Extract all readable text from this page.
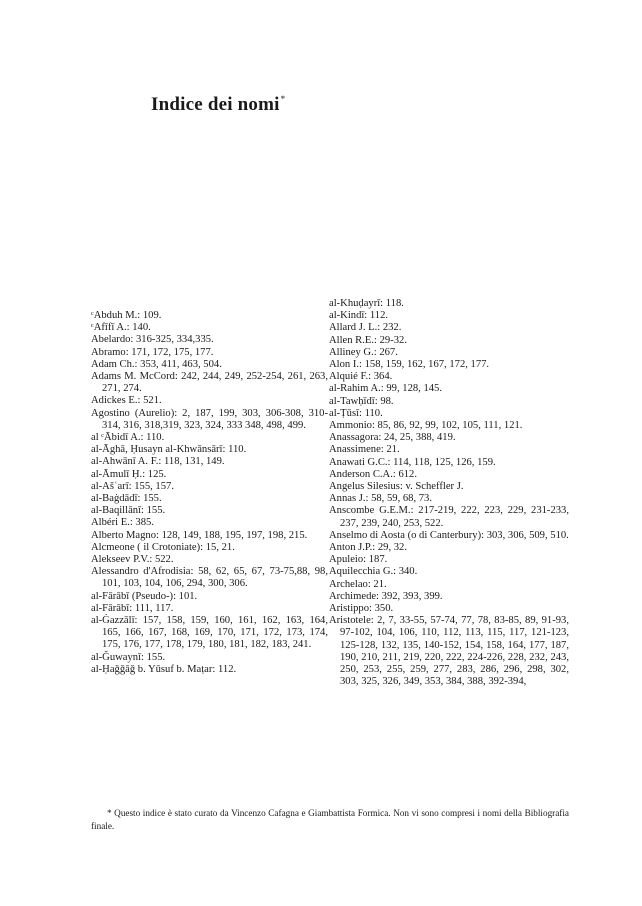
Indice dei nomi*
ᶜAbduh M.: 109.
ᶜAfīfī A.: 140.
Abelardo: 316-325, 334,335.
Abramo: 171, 172, 175, 177.
Adam Ch.: 353, 411, 463, 504.
Adams M. McCord: 242, 244, 249, 252-254, 261, 263, 271, 274.
Adickes E.: 521.
Agostino (Aurelio): 2, 187, 199, 303, 306-308, 310-314, 316, 318,319, 323, 324, 333 348, 498, 499.
al ᶜĀbidī A.: 110.
al-Āghā, Ḥusayn al-Khwānsārī: 110.
al-Ahwānī A. F.: 118, 131, 149.
al-Āmulī Ḥ.: 125.
al-Ašʿarī: 155, 157.
al-Baġdādī: 155.
al-Baqillānī: 155.
Albéri E.: 385.
Alberto Magno: 128, 149, 188, 195, 197, 198, 215.
Alcmeone ( il Crotoniate): 15, 21.
Alekseev P.V.: 522.
Alessandro d'Afrodisia: 58, 62, 65, 67, 73-75,88, 98, 101, 103, 104, 106, 294, 300, 306.
al-Fārābī (Pseudo-): 101.
al-Fārābī: 111, 117.
al-Ġazzālī: 157, 158, 159, 160, 161, 162, 163, 164, 165, 166, 167, 168, 169, 170, 171, 172, 173, 174, 175, 176, 177, 178, 179, 180, 181, 182, 183, 241.
al-Ǧuwaynī: 155.
al-Ḥaǧǧāǧ b. Yūsuf b. Maṭar: 112.
al-Khuḍayrī: 118.
al-Kindī: 112.
Allard J. L.: 232.
Allen R.E.: 29-32.
Alliney G.: 267.
Alon I.: 158, 159, 162, 167, 172, 177.
Alquié F.: 364.
al-Rahim A.: 99, 128, 145.
al-Tawḥīdī: 98.
al-Ṭūsī: 110.
Ammonio: 85, 86, 92, 99, 102, 105, 111, 121.
Anassagora: 24, 25, 388, 419.
Anassimene: 21.
Anawati G.C.: 114, 118, 125, 126, 159.
Anderson C.A.: 612.
Angelus Silesius: v. Scheffler J.
Annas J.: 58, 59, 68, 73.
Anscombe G.E.M.: 217-219, 222, 223, 229, 231-233, 237, 239, 240, 253, 522.
Anselmo di Aosta (o di Canterbury): 303, 306, 509, 510.
Anton J.P.: 29, 32.
Apuleio: 187.
Aquilecchia G.: 340.
Archelao: 21.
Archimede: 392, 393, 399.
Aristippo: 350.
Aristotele: 2, 7, 33-55, 57-74, 77, 78, 83-85, 89, 91-93, 97-102, 104, 106, 110, 112, 113, 115, 117, 121-123, 125-128, 132, 135, 140-152, 154, 158, 164, 177, 187, 190, 210, 211, 219, 220, 222, 224-226, 228, 232, 243, 250, 253, 255, 259, 277, 283, 286, 296, 298, 302, 303, 325, 326, 349, 353, 384, 388, 392-394,

* Questo indice è stato curato da Vincenzo Cafagna e Giambattista Formica. Non vi sono compresi i nomi della Bibliografia finale.
